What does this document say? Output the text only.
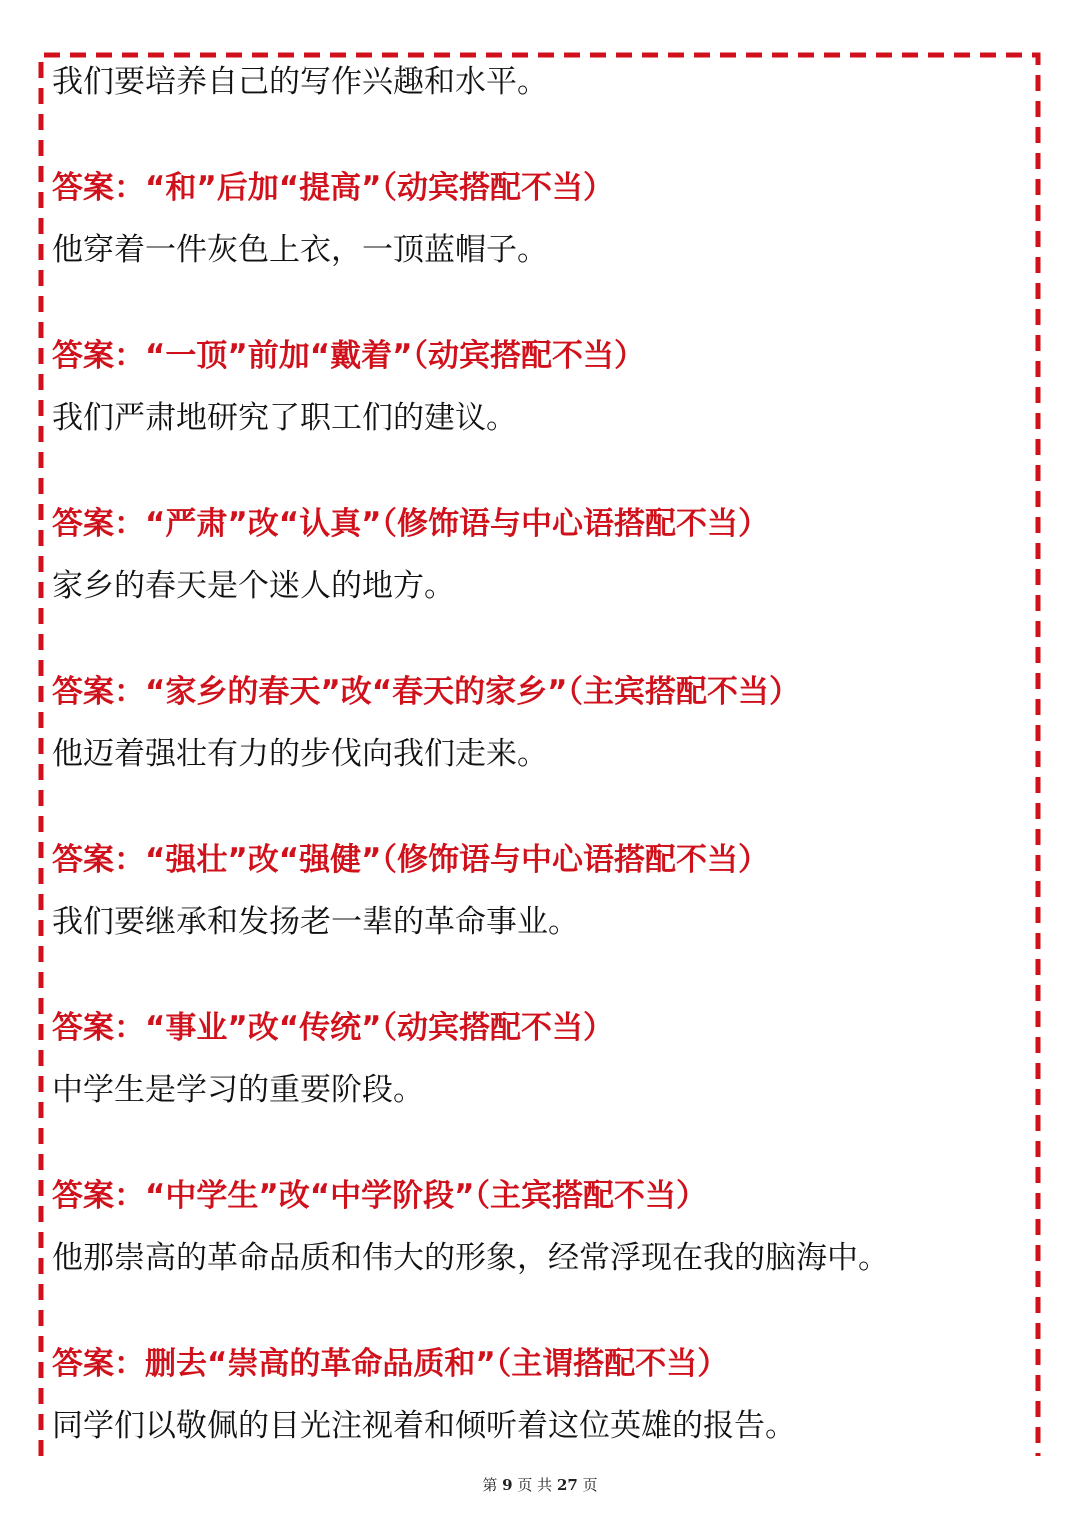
我们要培养自己的写作兴趣和水平。
答案：“和”后加“提高”（动宾搭配不当）
他穿着一件灰色上衣，一顶蓝帽子。
答案：“一顶”前加“戴着”（动宾搭配不当）
我们严肃地研究了职工们的建议。
答案：“严肃”改“认真”（修饰语与中心语搭配不当）
家乡的春天是个迷人的地方。
答案：“家乡的春天”改“春天的家乡”（主宾搭配不当）
他迈着强壮有力的步伐向我们走来。
答案：“强壮”改“强健”（修饰语与中心语搭配不当）
我们要继承和发扬老一辈的革命事业。
答案：“事业”改“传统”（动宾搭配不当）
中学生是学习的重要阶段。
答案：“中学生”改“中学阶段”（主宾搭配不当）
他那崇高的革命品质和伟大的形象，经常浮现在我的脑海中。
答案：删去“崇高的革命品质和”（主谓搭配不当）
同学们以敬佩的目光注视着和倾听着这位英雄的报告。
第 9 页 共 27 页
